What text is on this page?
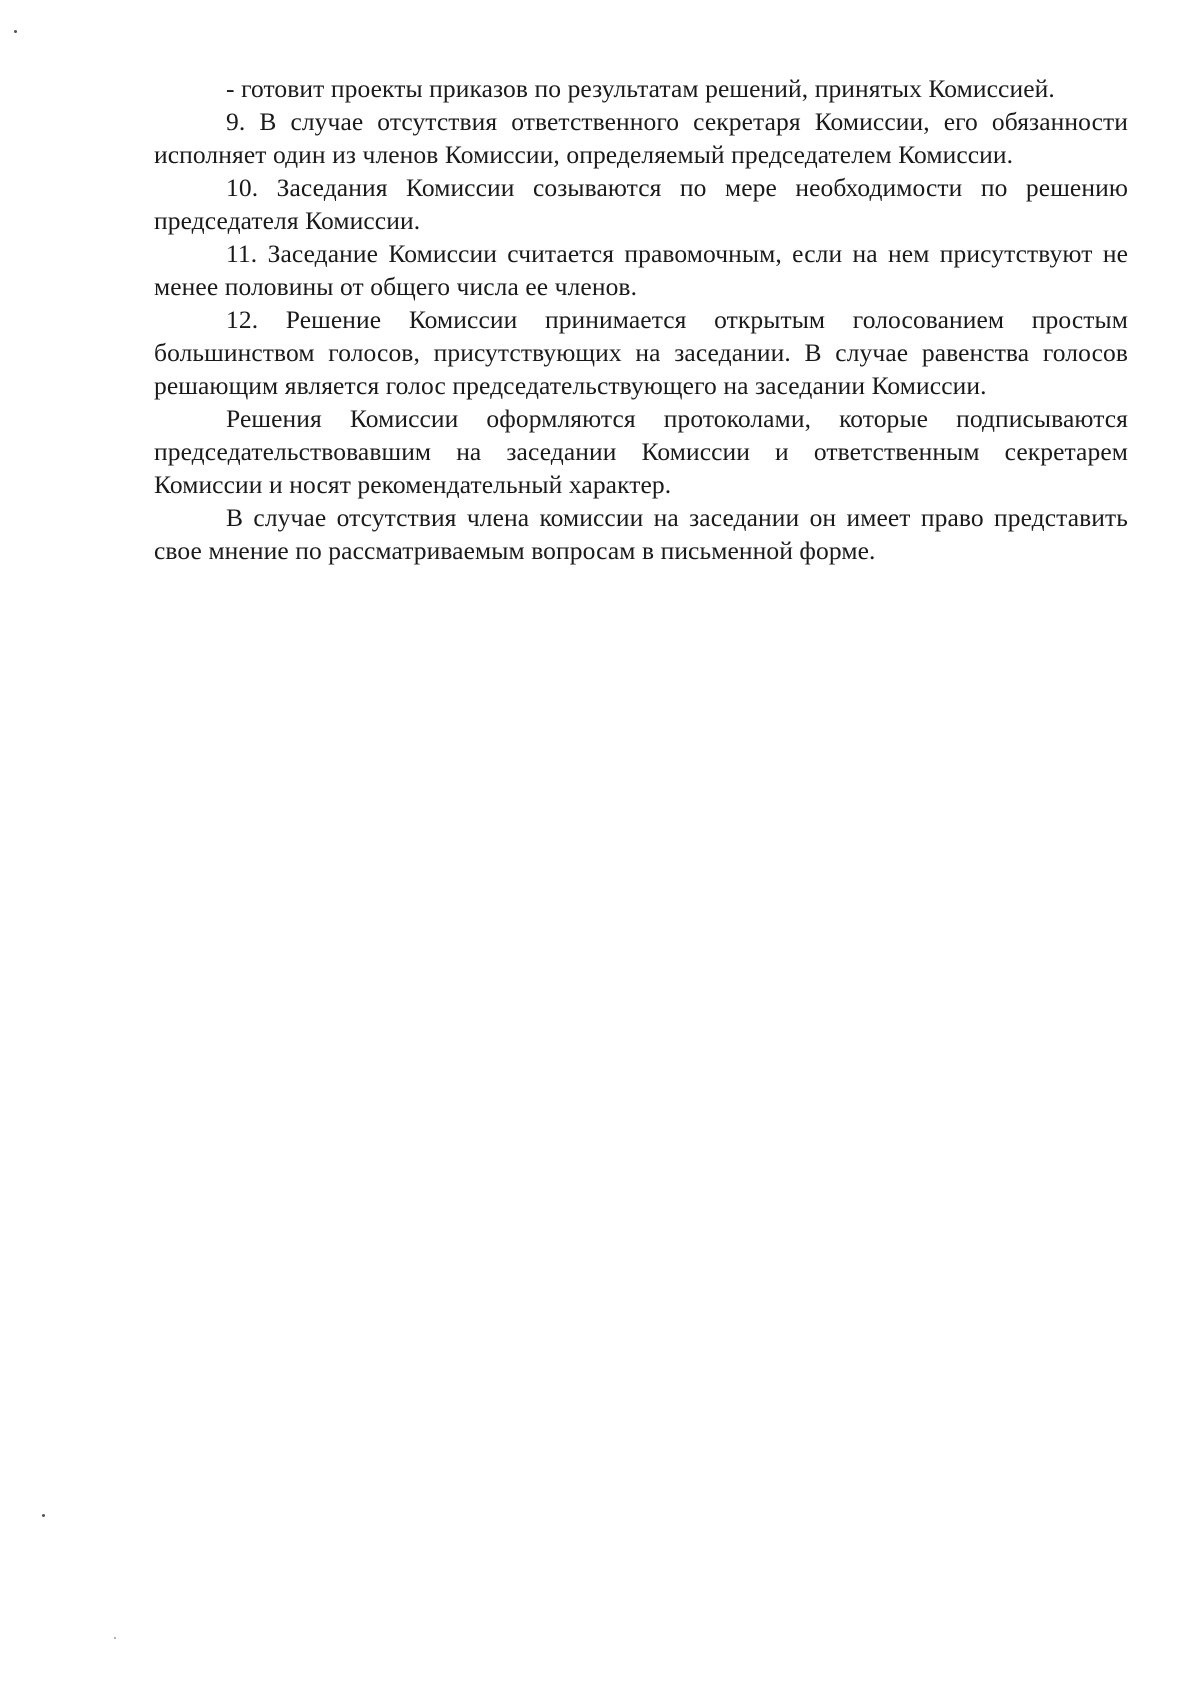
- готовит проекты приказов по результатам решений, принятых Комиссией.

9. В случае отсутствия ответственного секретаря Комиссии, его обязанности исполняет один из членов Комиссии, определяемый председателем Комиссии.

10. Заседания Комиссии созываются по мере необходимости по решению председателя Комиссии.

11. Заседание Комиссии считается правомочным, если на нем присутствуют не менее половины от общего числа ее членов.

12. Решение Комиссии принимается открытым голосованием простым большинством голосов, присутствующих на заседании. В случае равенства голосов решающим является голос председательствующего на заседании Комиссии.

Решения Комиссии оформляются протоколами, которые подписываются председательствовавшим на заседании Комиссии и ответственным секретарем Комиссии и носят рекомендательный характер.

В случае отсутствия члена комиссии на заседании он имеет право представить свое мнение по рассматриваемым вопросам в письменной форме.
